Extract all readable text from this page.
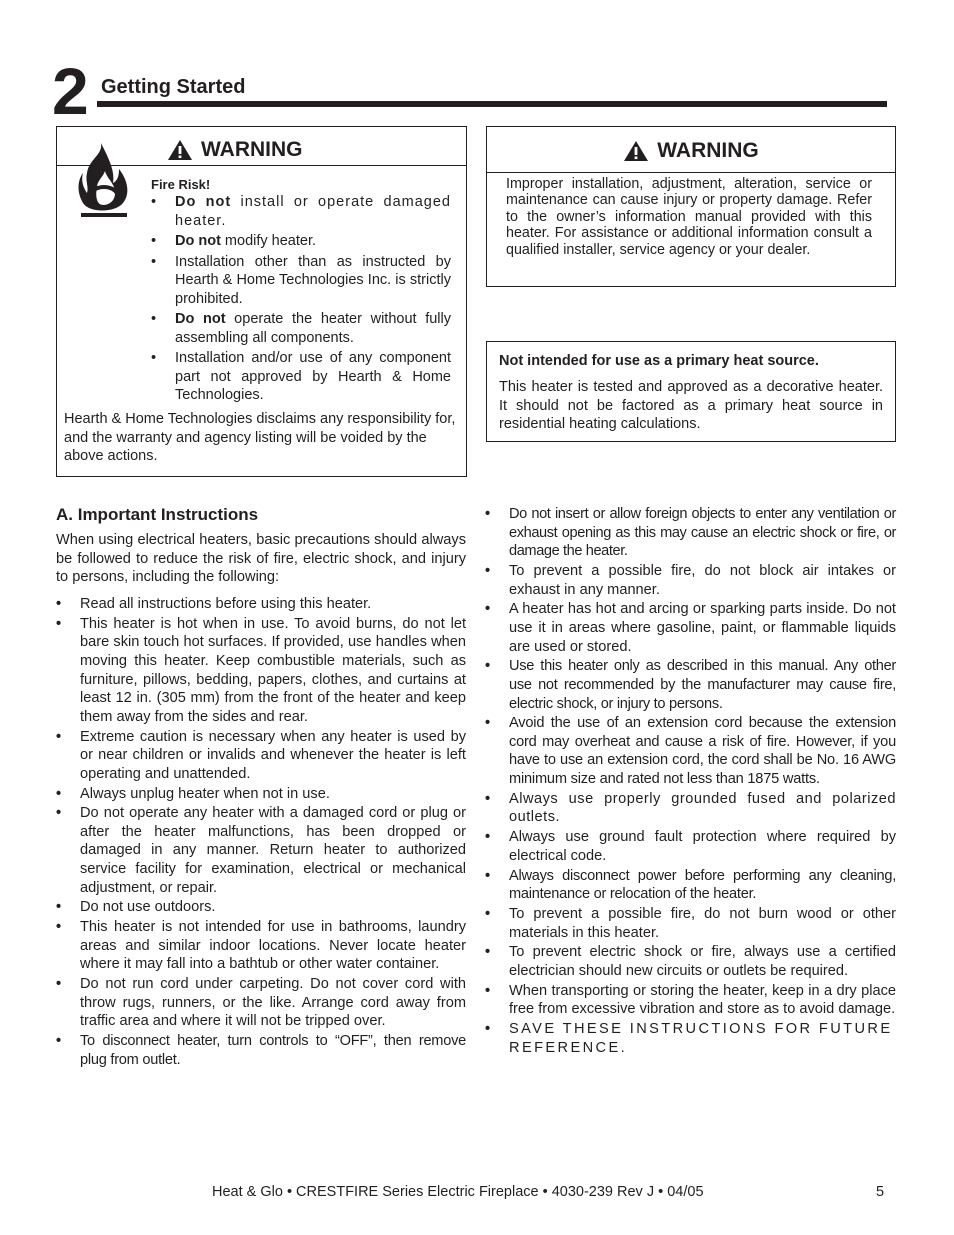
2 Getting Started
WARNING
Fire Risk!
• Do not install or operate damaged heater.
• Do not modify heater.
• Installation other than as instructed by Hearth & Home Technologies Inc. is strictly prohibited.
• Do not operate the heater without fully assembling all components.
• Installation and/or use of any component part not approved by Hearth & Home Technologies.
Hearth & Home Technologies disclaims any responsibility for, and the warranty and agency listing will be voided by the above actions.
WARNING
Improper installation, adjustment, alteration, service or maintenance can cause injury or property damage. Refer to the owner’s information manual provided with this heater. For assistance or additional information consult a qualified installer, service agency or your dealer.
Not intended for use as a primary heat source.
This heater is tested and approved as a decorative heater. It should not be factored as a primary heat source in residential heating calculations.
A. Important Instructions
When using electrical heaters, basic precautions should always be followed to reduce the risk of fire, electric shock, and injury to persons, including the following:
• Read all instructions before using this heater.
• This heater is hot when in use. To avoid burns, do not let bare skin touch hot surfaces. If provided, use handles when moving this heater. Keep combustible materials, such as furniture, pillows, bedding, papers, clothes, and curtains at least 12 in. (305 mm) from the front of the heater and keep them away from the sides and rear.
• Extreme caution is necessary when any heater is used by or near children or invalids and whenever the heater is left operating and unattended.
• Always unplug heater when not in use.
• Do not operate any heater with a damaged cord or plug or after the heater malfunctions, has been dropped or damaged in any manner. Return heater to authorized service facility for examination, electrical or mechanical adjustment, or repair.
• Do not use outdoors.
• This heater is not intended for use in bathrooms, laundry areas and similar indoor locations. Never locate heater where it may fall into a bathtub or other water container.
• Do not run cord under carpeting. Do not cover cord with throw rugs, runners, or the like. Arrange cord away from traffic area and where it will not be tripped over.
• To disconnect heater, turn controls to “OFF”, then remove plug from outlet.
• Do not insert or allow foreign objects to enter any ventilation or exhaust opening as this may cause an electric shock or fire, or damage the heater.
• To prevent a possible fire, do not block air intakes or exhaust in any manner.
• A heater has hot and arcing or sparking parts inside. Do not use it in areas where gasoline, paint, or flammable liquids are used or stored.
• Use this heater only as described in this manual. Any other use not recommended by the manufacturer may cause fire, electric shock, or injury to persons.
• Avoid the use of an extension cord because the extension cord may overheat and cause a risk of fire. However, if you have to use an extension cord, the cord shall be No. 16 AWG minimum size and rated not less than 1875 watts.
• Always use properly grounded fused and polarized outlets.
• Always use ground fault protection where required by electrical code.
• Always disconnect power before performing any cleaning, maintenance or relocation of the heater.
• To prevent a possible fire, do not burn wood or other materials in this heater.
• To prevent electric shock or fire, always use a certified electrician should new circuits or outlets be required.
• When transporting or storing the heater, keep in a dry place free from excessive vibration and store as to avoid damage.
• SAVE THESE INSTRUCTIONS FOR FUTURE REFERENCE.
Heat & Glo • CRESTFIRE Series Electric Fireplace • 4030-239 Rev J • 04/05	5
